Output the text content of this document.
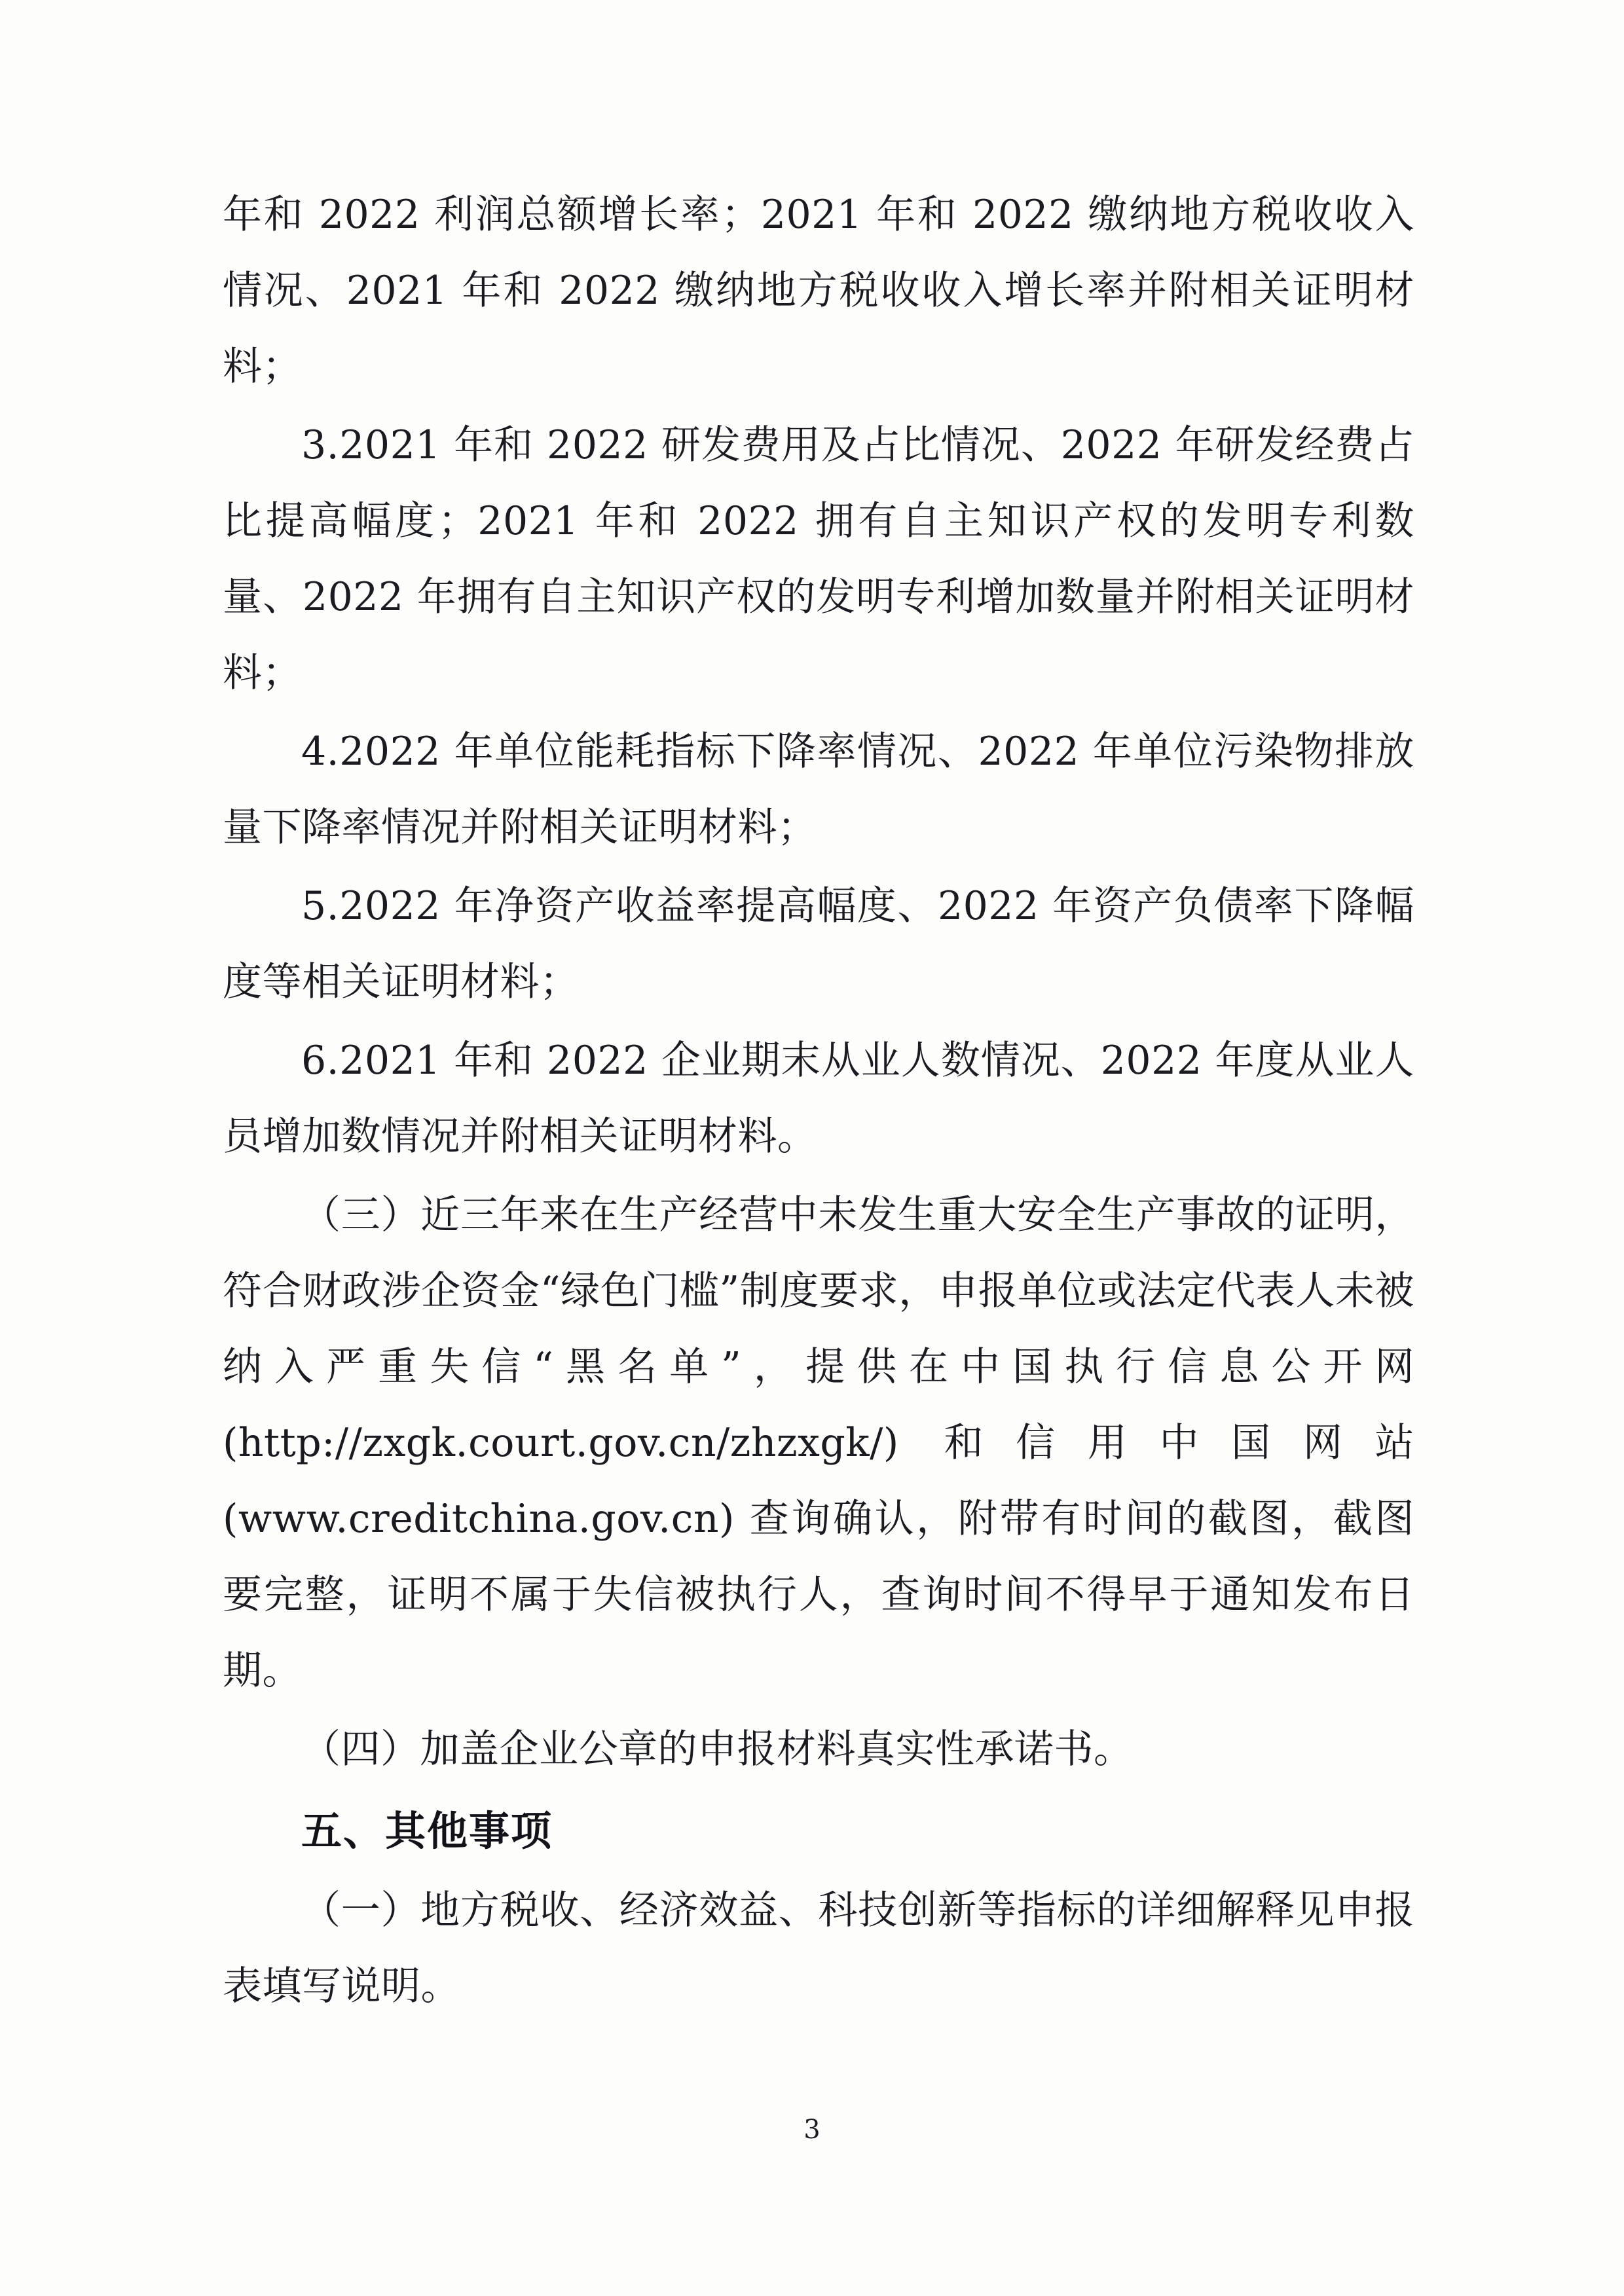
年和 2022 利润总额增长率；2021 年和 2022 缴纳地方税收收入情况、2021 年和 2022 缴纳地方税收收入增长率并附相关证明材料；

3.2021 年和 2022 研发费用及占比情况、2022 年研发经费占比提高幅度；2021 年和 2022 拥有自主知识产权的发明专利数量、2022 年拥有自主知识产权的发明专利增加数量并附相关证明材料；

4.2022 年单位能耗指标下降率情况、2022 年单位污染物排放量下降率情况并附相关证明材料；

5.2022 年净资产收益率提高幅度、2022 年资产负债率下降幅度等相关证明材料；

6.2021 年和 2022 企业期末从业人数情况、2022 年度从业人员增加数情况并附相关证明材料。

（三）近三年来在生产经营中未发生重大安全生产事故的证明，符合财政涉企资金“绿色门槛”制度要求，申报单位或法定代表人未被纳入严重失信“黑名单”，提供在中国执行信息公开网 (http://zxgk.court.gov.cn/zhzxgk/) 和信用中国网站 (www.creditchina.gov.cn) 查询确认，附带有时间的截图，截图要完整，证明不属于失信被执行人，查询时间不得早于通知发布日期。

（四）加盖企业公章的申报材料真实性承诺书。

五、其他事项

（一）地方税收、经济效益、科技创新等指标的详细解释见申报表填写说明。

3
